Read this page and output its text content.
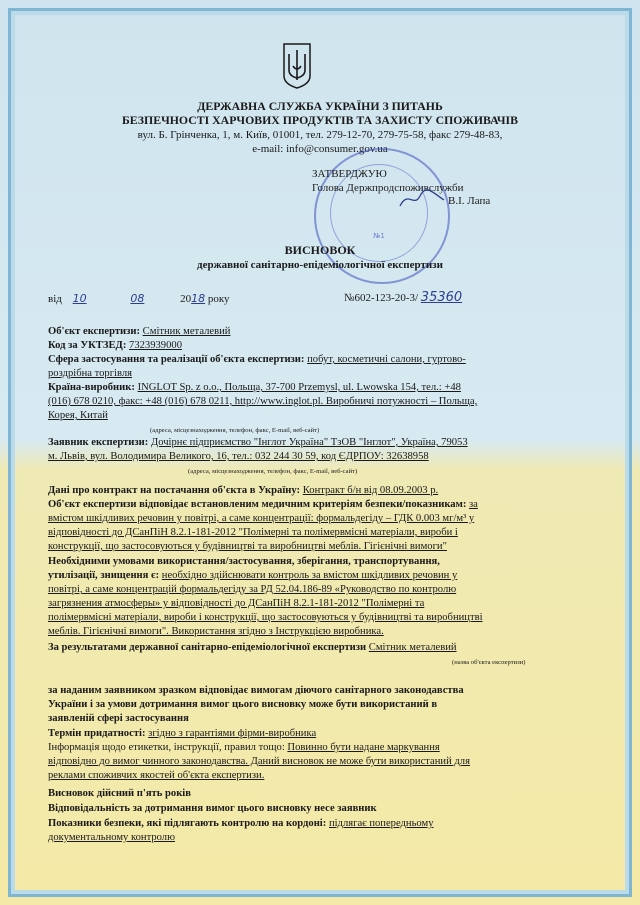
ДЕРЖАВНА СЛУЖБА УКРАЇНИ З ПИТАНЬ
БЕЗПЕЧНОСТІ ХАРЧОВИХ ПРОДУКТІВ ТА ЗАХИСТУ СПОЖИВАЧІВ
вул. Б. Грінченка, 1, м. Київ, 01001, тел. 279-12-70, 279-75-58, факс 279-48-83,
e-mail: info@consumer.gov.ua
№1
ЗАТВЕРДЖУЮ
Голова Держпродспоживслужби
В.І. Лапа
ВИСНОВОК
державної санітарно-епідеміологічної експертизи
від 10	08	2018 року	№602-123-20-3/ 35360
Об'єкт експертизи: Смітник металевий
Код за УКТЗЕД: 7323939000
Сфера застосування та реалізації об'єкта експертизи: побут, косметичні салони, гуртово-
роздрібна торгівля
Країна-виробник: INGLOT Sp. z o.o., Польща, 37-700 Przemysl, ul. Lwowska 154, тел.: +48
(016) 678 0210, факс: +48 (016) 678 0211, http://www.inglot.pl. Виробничі потужності – Польща,
Корея, Китай
(адреса, місцезнаходження, телефон, факс, E-mail, веб-сайт)
Заявник експертизи: Дочірнє підприємство "Інглот Україна" ТзОВ "Інглот", Україна, 79053
м. Львів, вул. Володимира Великого, 16, тел.: 032 244 30 59, код ЄДРПОУ: 32638958
(адреса, місцезнаходження, телефон, факс, E-mail, веб-сайт)
Дані про контракт на постачання об'єкта в Україну: Контракт б/н від 08.09.2003 р.
Об'єкт експертизи відповідає встановленим медичним критеріям безпеки/показникам: за
вмістом шкідливих речовин у повітрі, а саме концентрації: формальдегіду – ГДК 0.003 мг/м³ у
відповідності до ДСанПіН 8.2.1-181-2012 "Полімерні та полімервмісні матеріали, вироби і
конструкції, що застосовуються у будівництві та виробництві меблів. Гігієнічні вимоги"
Необхідними умовами використання/застосування, зберігання, транспортування,
утилізації, знищення є: необхідно здійснювати контроль за вмістом шкідливих речовин у
повітрі, а саме концентрацій формальдегіду за РД 52.04.186-89 «Руководство по контролю
загрязнения атмосферы» у відповідності до ДСанПіН 8.2.1-181-2012 "Полімерні та
полімервмісні матеріали, вироби і конструкції, що застосовуються у будівництві та виробництві
меблів. Гігієнічні вимоги". Використання згідно з Інструкцією виробника.
За результатами державної санітарно-епідеміологічної експертизи Смітник металевий
(назва об'єкта експертизи)
за наданим заявником зразком відповідає вимогам діючого санітарного законодавства
України і за умови дотримання вимог цього висновку може бути використаний в
заявленій сфері застосування
Термін придатності: згідно з гарантіями фірми-виробника
Інформація щодо етикетки, інструкції, правил тощо: Повинно бути надане маркування
відповідно до вимог чинного законодавства. Даний висновок не може бути використаний для
реклами споживчих якостей об'єкта експертизи.
Висновок дійсний п'ять років
Відповідальність за дотримання вимог цього висновку несе заявник
Показники безпеки, які підлягають контролю на кордоні: підлягає попередньому
документальному контролю
